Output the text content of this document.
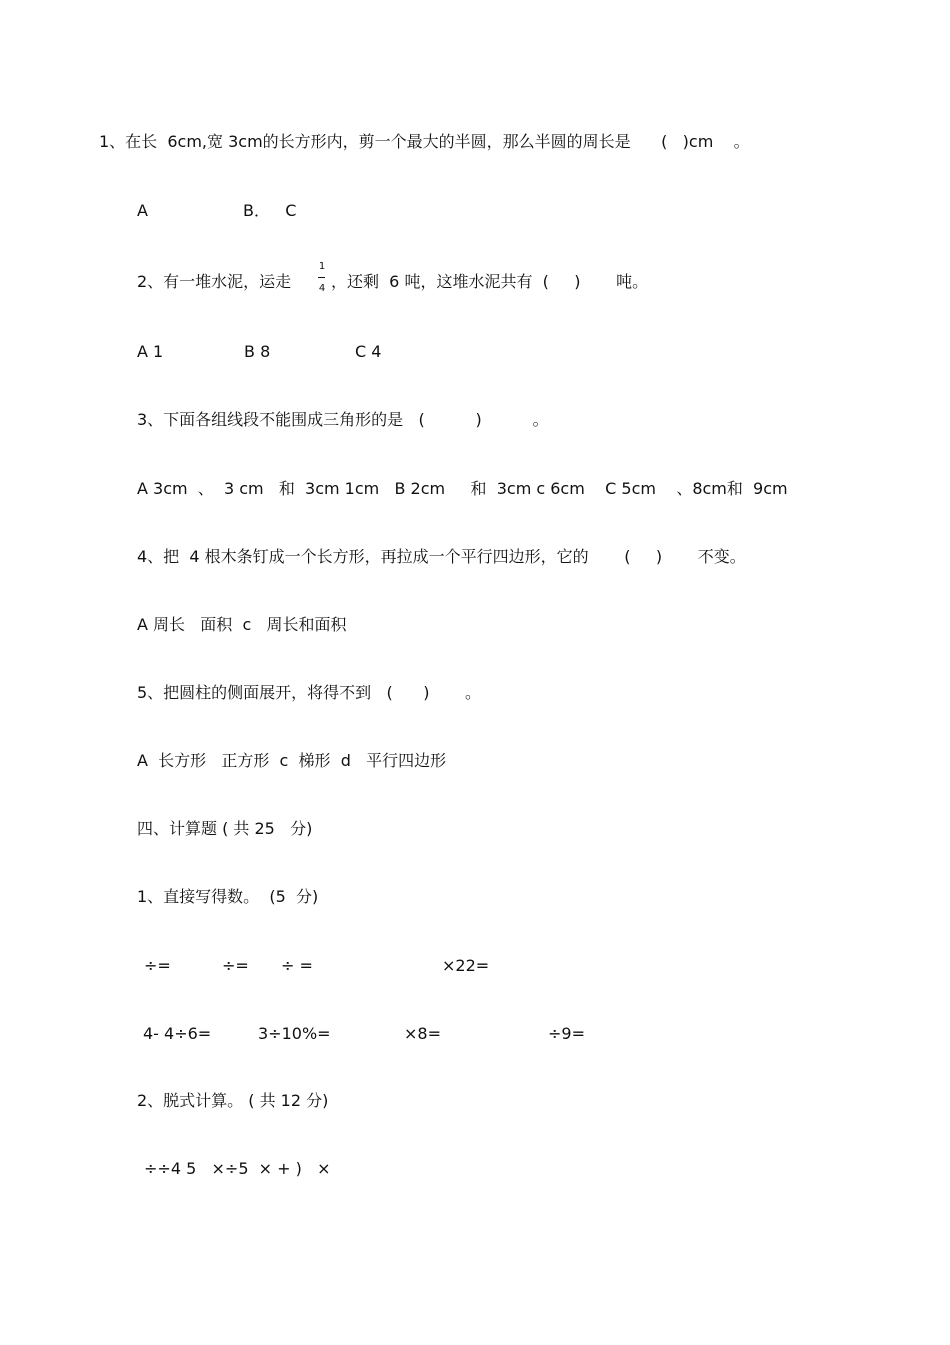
1、在长  6cm,宽 3cm的长方形内，剪一个最大的半圆，那么半圆的周长是      (   )cm    。
A	B．   C
2、有一堆水泥，运走
1
4 ，还剩  6 吨，这堆水泥共有  (     )       吨。
A 1	B 8	C 4
3、下面各组线段不能围成三角形的是   (          )          。
A 3cm  、  3 cm   和  3cm 1cm   B 2cm     和  3cm c 6cm    C 5cm    、8cm和  9cm
4、把  4 根木条钉成一个长方形，再拉成一个平行四边形，它的       (     )       不变。
A 周长   面积  c   周长和面积
5、把圆柱的侧面展开，将得不到   (      )       。
A  长方形   正方形  c  梯形  d   平行四边形
四、计算题 ( 共 25   分)
1、直接写得数。  (5  分)
÷=	÷= ÷ =	×22=
4- 4÷6=	3÷10%=	×8=	÷9=
2、脱式计算。 ( 共 12 分)
÷÷4 5   ×÷5  × + )   ×
